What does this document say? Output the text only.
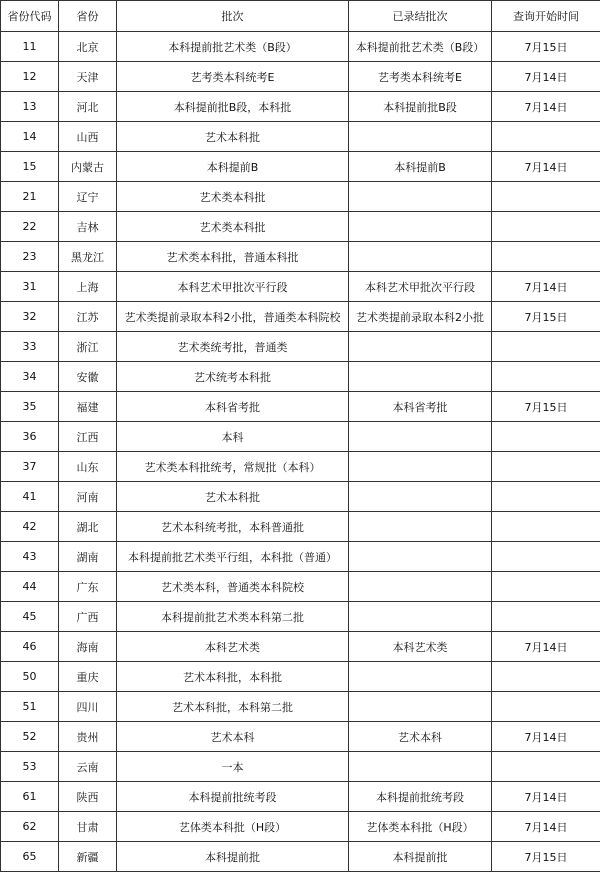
省份代码	省份	批次	已录结批次	查询开始时间
11	北京	本科提前批艺术类（B段）	本科提前批艺术类（B段）	7月15日
12	天津	艺考类本科统考E	艺考类本科统考E	7月14日
13	河北	本科提前批B段，本科批	本科提前批B段	7月14日
14	山西	艺术本科批		
15	内蒙古	本科提前B	本科提前B	7月14日
21	辽宁	艺术类本科批		
22	吉林	艺术类本科批		
23	黑龙江	艺术类本科批，普通本科批		
31	上海	本科艺术甲批次平行段	本科艺术甲批次平行段	7月14日
32	江苏	艺术类提前录取本科2小批，普通类本科院校	艺术类提前录取本科2小批	7月15日
33	浙江	艺术类统考批，普通类		
34	安徽	艺术统考本科批		
35	福建	本科省考批	本科省考批	7月15日
36	江西	本科		
37	山东	艺术类本科批统考，常规批（本科）		
41	河南	艺术本科批		
42	湖北	艺术本科统考批，本科普通批		
43	湖南	本科提前批艺术类平行组，本科批（普通）		
44	广东	艺术类本科，普通类本科院校		
45	广西	本科提前批艺术类本科第二批		
46	海南	本科艺术类	本科艺术类	7月14日
50	重庆	艺术本科批，本科批		
51	四川	艺术本科批，本科第二批		
52	贵州	艺术本科	艺术本科	7月14日
53	云南	一本		
61	陕西	本科提前批统考段	本科提前批统考段	7月14日
62	甘肃	艺体类本科批（H段）	艺体类本科批（H段）	7月14日
65	新疆	本科提前批	本科提前批	7月15日
